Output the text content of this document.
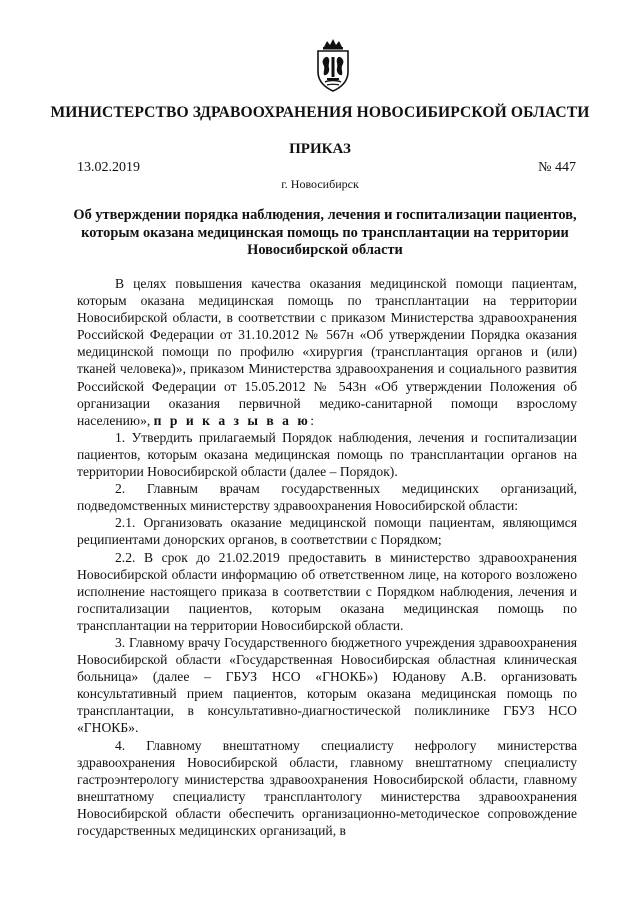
МИНИСТЕРСТВО ЗДРАВООХРАНЕНИЯ НОВОСИБИРСКОЙ ОБЛАСТИ
ПРИКАЗ
13.02.2019	№ 447
г. Новосибирск
Об утверждении порядка наблюдения, лечения и госпитализации пациентов, которым оказана медицинская помощь по трансплантации на территории Новосибирской области

В целях повышения качества оказания медицинской помощи пациентам, которым оказана медицинская помощь по трансплантации на территории Новосибирской области, в соответствии с приказом Министерства здравоохранения Российской Федерации от 31.10.2012 № 567н «Об утверждении Порядка оказания медицинской помощи по профилю «хирургия (трансплантация органов и (или) тканей человека)», приказом Министерства здравоохранения и социального развития Российской Федерации от 15.05.2012 № 543н «Об утверждении Положения об организации оказания первичной медико-санитарной помощи взрослому населению», п р и к а з ы в а ю:

1. Утвердить прилагаемый Порядок наблюдения, лечения и госпитализации пациентов, которым оказана медицинская помощь по трансплантации органов на территории Новосибирской области (далее – Порядок).

2. Главным врачам государственных медицинских организаций, подведомственных министерству здравоохранения Новосибирской области:

2.1. Организовать оказание медицинской помощи пациентам, являющимся реципиентами донорских органов, в соответствии с Порядком;

2.2. В срок до 21.02.2019 предоставить в министерство здравоохранения Новосибирской области информацию об ответственном лице, на которого возложено исполнение настоящего приказа в соответствии с Порядком наблюдения, лечения и госпитализации пациентов, которым оказана медицинская помощь по трансплантации на территории Новосибирской области.

3. Главному врачу Государственного бюджетного учреждения здравоохранения Новосибирской области «Государственная Новосибирская областная клиническая больница» (далее – ГБУЗ НСО «ГНОКБ») Юданову А.В. организовать консультативный прием пациентов, которым оказана медицинская помощь по трансплантации, в консультативно-диагностической поликлинике ГБУЗ НСО «ГНОКБ».

4. Главному внештатному специалисту нефрологу министерства здравоохранения Новосибирской области, главному внештатному специалисту гастроэнтерологу министерства здравоохранения Новосибирской области, главному внештатному специалисту трансплантологу министерства здравоохранения Новосибирской области обеспечить организационно-методическое сопровождение государственных медицинских организаций, в
